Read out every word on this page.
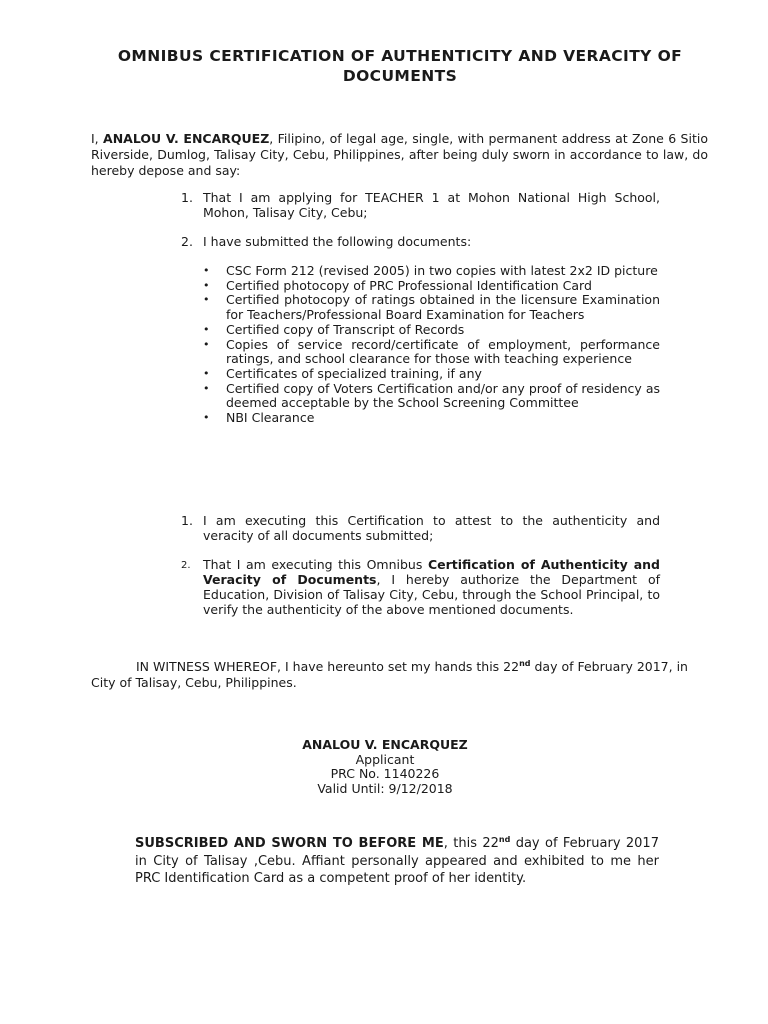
OMNIBUS CERTIFICATION OF AUTHENTICITY AND VERACITY OF DOCUMENTS

I, ANALOU V. ENCARQUEZ, Filipino, of legal age, single, with permanent address at Zone 6 Sitio Riverside, Dumlog, Talisay City, Cebu, Philippines, after being duly sworn in accordance to law, do hereby depose and say:

1. That I am applying for TEACHER 1 at Mohon National High School, Mohon, Talisay City, Cebu;
2. I have submitted the following documents:
• CSC Form 212 (revised 2005) in two copies with latest 2x2 ID picture
• Certified photocopy of PRC Professional Identification Card
• Certified photocopy of ratings obtained in the licensure Examination for Teachers/Professional Board Examination for Teachers
• Certified copy of Transcript of Records
• Copies of service record/certificate of employment, performance ratings, and school clearance for those with teaching experience
• Certificates of specialized training, if any
• Certified copy of Voters Certification and/or any proof of residency as deemed acceptable by the School Screening Committee
• NBI Clearance
1. I am executing this Certification to attest to the authenticity and veracity of all documents submitted;
2. That I am executing this Omnibus Certification of Authenticity and Veracity of Documents, I hereby authorize the Department of Education, Division of Talisay City, Cebu, through the School Principal, to verify the authenticity of the above mentioned documents.

IN WITNESS WHEREOF, I have hereunto set my hands this 22nd day of February 2017, in City of Talisay, Cebu, Philippines.

ANALOU V. ENCARQUEZ
Applicant
PRC No. 1140226
Valid Until: 9/12/2018

SUBSCRIBED AND SWORN TO BEFORE ME, this 22nd day of February 2017 in City of Talisay ,Cebu. Affiant personally appeared and exhibited to me her PRC Identification Card as a competent proof of her identity.
